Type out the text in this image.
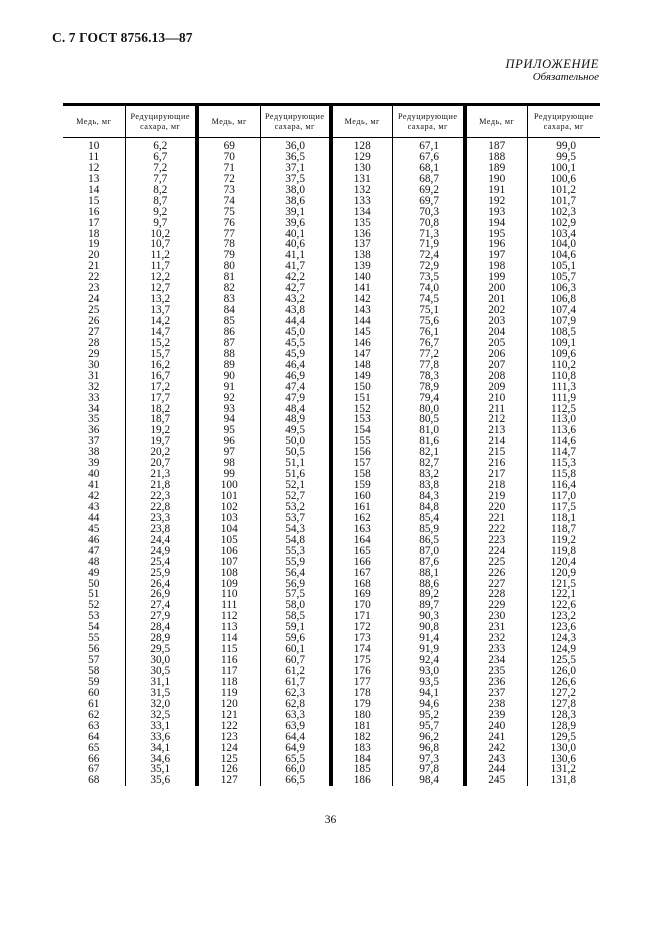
С. 7 ГОСТ 8756.13—87
ПРИЛОЖЕНИЕ
Обязательное
Медь, мг	Редуцирующие сахара, мг	Медь, мг	Редуцирующие сахара, мг	Медь, мг	Редуцирующие сахара, мг	Медь, мг	Редуцирующие сахара, мг
10	6,2	69	36,0	128	67,1	187	99,0
11	6,7	70	36,5	129	67,6	188	99,5
12	7,2	71	37,1	130	68,1	189	100,1
13	7,7	72	37,5	131	68,7	190	100,6
14	8,2	73	38,0	132	69,2	191	101,2
15	8,7	74	38,6	133	69,7	192	101,7
16	9,2	75	39,1	134	70,3	193	102,3
17	9,7	76	39,6	135	70,8	194	102,9
18	10,2	77	40,1	136	71,3	195	103,4
19	10,7	78	40,6	137	71,9	196	104,0
20	11,2	79	41,1	138	72,4	197	104,6
21	11,7	80	41,7	139	72,9	198	105,1
22	12,2	81	42,2	140	73,5	199	105,7
23	12,7	82	42,7	141	74,0	200	106,3
24	13,2	83	43,2	142	74,5	201	106,8
25	13,7	84	43,8	143	75,1	202	107,4
26	14,2	85	44,4	144	75,6	203	107,9
27	14,7	86	45,0	145	76,1	204	108,5
28	15,2	87	45,5	146	76,7	205	109,1
29	15,7	88	45,9	147	77,2	206	109,6
30	16,2	89	46,4	148	77,8	207	110,2
31	16,7	90	46,9	149	78,3	208	110,8
32	17,2	91	47,4	150	78,9	209	111,3
33	17,7	92	47,9	151	79,4	210	111,9
34	18,2	93	48,4	152	80,0	211	112,5
35	18,7	94	48,9	153	80,5	212	113,0
36	19,2	95	49,5	154	81,0	213	113,6
37	19,7	96	50,0	155	81,6	214	114,6
38	20,2	97	50,5	156	82,1	215	114,7
39	20,7	98	51,1	157	82,7	216	115,3
40	21,3	99	51,6	158	83,2	217	115,8
41	21,8	100	52,1	159	83,8	218	116,4
42	22,3	101	52,7	160	84,3	219	117,0
43	22,8	102	53,2	161	84,8	220	117,5
44	23,3	103	53,7	162	85,4	221	118,1
45	23,8	104	54,3	163	85,9	222	118,7
46	24,4	105	54,8	164	86,5	223	119,2
47	24,9	106	55,3	165	87,0	224	119,8
48	25,4	107	55,9	166	87,6	225	120,4
49	25,9	108	56,4	167	88,1	226	120,9
50	26,4	109	56,9	168	88,6	227	121,5
51	26,9	110	57,5	169	89,2	228	122,1
52	27,4	111	58,0	170	89,7	229	122,6
53	27,9	112	58,5	171	90,3	230	123,2
54	28,4	113	59,1	172	90,8	231	123,6
55	28,9	114	59,6	173	91,4	232	124,3
56	29,5	115	60,1	174	91,9	233	124,9
57	30,0	116	60,7	175	92,4	234	125,5
58	30,5	117	61,2	176	93,0	235	126,0
59	31,1	118	61,7	177	93,5	236	126,6
60	31,5	119	62,3	178	94,1	237	127,2
61	32,0	120	62,8	179	94,6	238	127,8
62	32,5	121	63,3	180	95,2	239	128,3
63	33,1	122	63,9	181	95,7	240	128,9
64	33,6	123	64,4	182	96,2	241	129,5
65	34,1	124	64,9	183	96,8	242	130,0
66	34,6	125	65,5	184	97,3	243	130,6
67	35,1	126	66,0	185	97,8	244	131,2
68	35,6	127	66,5	186	98,4	245	131,8
36
